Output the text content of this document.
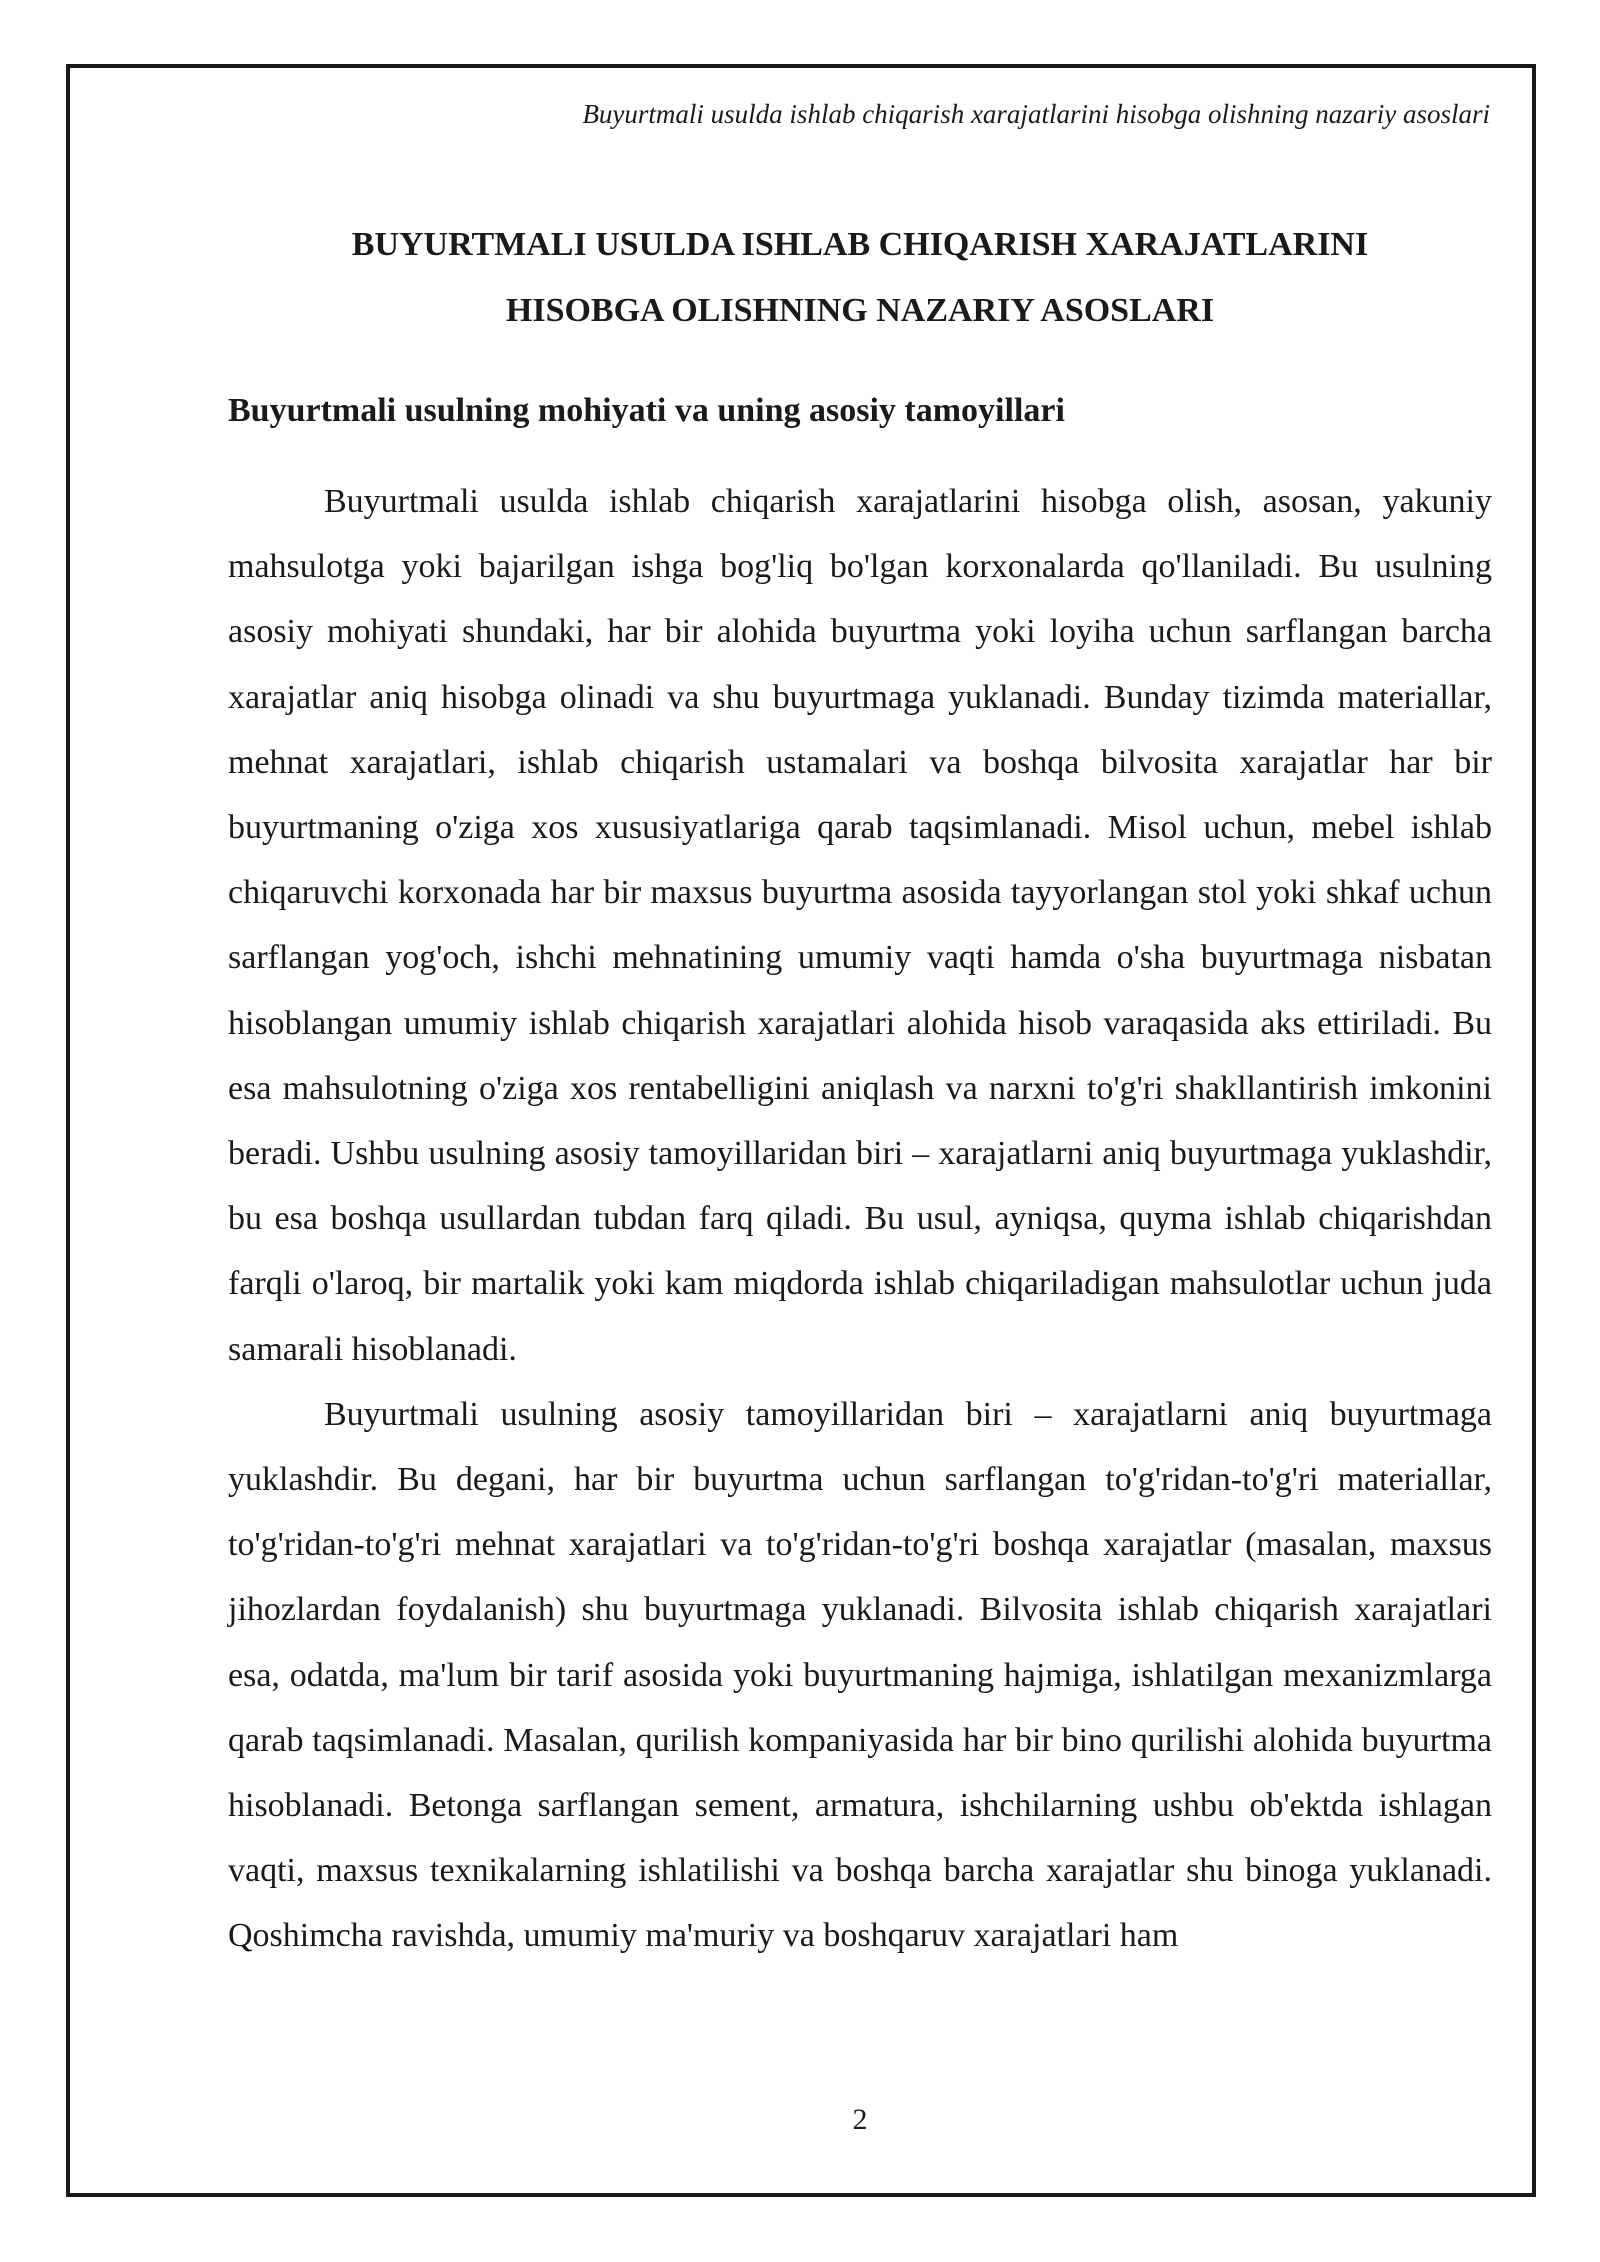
Buyurtmali usulda ishlab chiqarish xarajatlarini hisobga olishning nazariy asoslari
BUYURTMALI USULDA ISHLAB CHIQARISH XARAJATLARINI
HISOBGA OLISHNING NAZARIY ASOSLARI
Buyurtmali usulning mohiyati va uning asosiy tamoyillari

Buyurtmali usulda ishlab chiqarish xarajatlarini hisobga olish, asosan, yakuniy mahsulotga yoki bajarilgan ishga bog'liq bo'lgan korxonalarda qo'llaniladi. Bu usulning asosiy mohiyati shundaki, har bir alohida buyurtma yoki loyiha uchun sarflangan barcha xarajatlar aniq hisobga olinadi va shu buyurtmaga yuklanadi. Bunday tizimda materiallar, mehnat xarajatlari, ishlab chiqarish ustamalari va boshqa bilvosita xarajatlar har bir buyurtmaning o'ziga xos xususiyatlariga qarab taqsimlanadi. Misol uchun, mebel ishlab chiqaruvchi korxonada har bir maxsus buyurtma asosida tayyorlangan stol yoki shkaf uchun sarflangan yog'och, ishchi mehnatining umumiy vaqti hamda o'sha buyurtmaga nisbatan hisoblangan umumiy ishlab chiqarish xarajatlari alohida hisob varaqasida aks ettiriladi. Bu esa mahsulotning o'ziga xos rentabelligini aniqlash va narxni to'g'ri shakllantirish imkonini beradi. Ushbu usulning asosiy tamoyillaridan biri – xarajatlarni aniq buyurtmaga yuklashdir, bu esa boshqa usullardan tubdan farq qiladi. Bu usul, ayniqsa, quyma ishlab chiqarishdan farqli o'laroq, bir martalik yoki kam miqdorda ishlab chiqariladigan mahsulotlar uchun juda samarali hisoblanadi.

Buyurtmali usulning asosiy tamoyillaridan biri – xarajatlarni aniq buyurtmaga yuklashdir. Bu degani, har bir buyurtma uchun sarflangan to'g'ridan-to'g'ri materiallar, to'g'ridan-to'g'ri mehnat xarajatlari va to'g'ridan-to'g'ri boshqa xarajatlar (masalan, maxsus jihozlardan foydalanish) shu buyurtmaga yuklanadi. Bilvosita ishlab chiqarish xarajatlari esa, odatda, ma'lum bir tarif asosida yoki buyurtmaning hajmiga, ishlatilgan mexanizmlarga qarab taqsimlanadi. Masalan, qurilish kompaniyasida har bir bino qurilishi alohida buyurtma hisoblanadi. Betonga sarflangan sement, armatura, ishchilarning ushbu ob'ektda ishlagan vaqti, maxsus texnikalarning ishlatilishi va boshqa barcha xarajatlar shu binoga yuklanadi. Qoshimcha ravishda, umumiy ma'muriy va boshqaruv xarajatlari ham

2
